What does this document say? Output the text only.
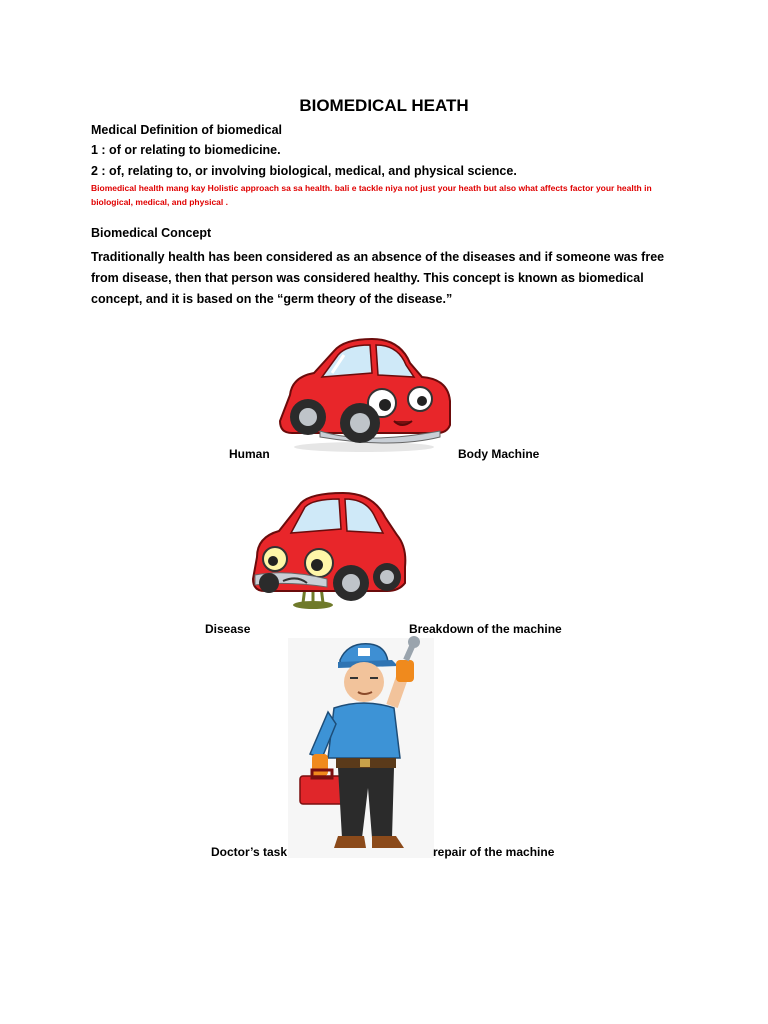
BIOMEDICAL HEATH
Medical Definition of biomedical
1 : of or relating to biomedicine.
2 : of, relating to, or involving biological, medical, and physical science.
Biomedical health mang kay Holistic approach sa sa health. bali e tackle niya not just your heath but also what affects factor your health in biological, medical, and physical .
Biomedical Concept
Traditionally health has been considered as an absence of the diseases and if someone was free from disease, then that person was considered healthy. This concept is known as biomedical concept, and it is based on the “germ theory of the disease.”
Human	Body Machine
Disease	Breakdown of the machine
Doctor’s task	repair of the machine
